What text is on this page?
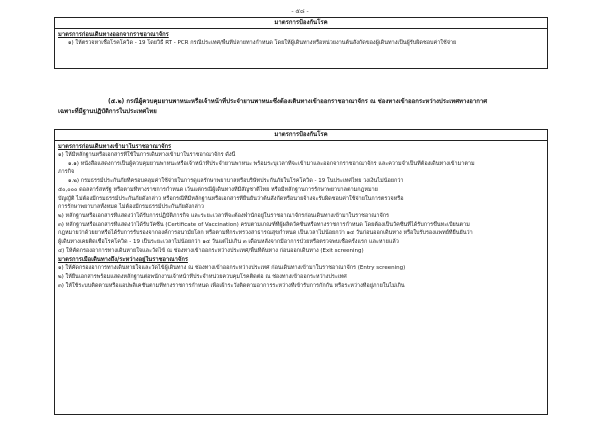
- ๕๘ -
มาตรการป้องกันโรค
มาตรการก่อนเดินทางออกจากราชอาณาจักร
๑) ให้ตรวจหาเชื้อโรคโควิด - 19 โดยวิธี RT - PCR กรณีประเทศ/พื้นที่ปลายทางกำหนด โดยให้ผู้เดินทางหรือหน่วยงานต้นสังกัดของผู้เดินทางเป็นผู้รับผิดชอบค่าใช้จ่าย
(๕.๒) กรณีผู้ควบคุมยานพาหนะหรือเจ้าหน้าที่ประจำยานพาหนะซึ่งต้องเดินทางเข้าออกราชอาณาจักร ณ ช่องทางเข้าออกระหว่างประเทศทางอากาศ
เฉพาะที่มีฐานปฏิบัติการในประเทศไทย
มาตรการป้องกันโรค
มาตรการก่อนเดินทางเข้ามาในราชอาณาจักร
๑) ให้มีหลักฐานหรือเอกสารที่ใช้ในการเดินทางเข้ามาในราชอาณาจักร ดังนี้
๑.๑) หนังสือแสดงการเป็นผู้ควบคุมยานพาหนะหรือเจ้าหน้าที่ประจำยานพาหนะ พร้อมระบุเวลาที่จะเข้ามาและออกจากราชอาณาจักร และความจำเป็นที่ต้องเดินทางเข้ามาตาม
ภารกิจ
๑.๒) กรมธรรม์ประกันภัยที่ครอบคลุมค่าใช้จ่ายในการดูแลรักษาพยาบาลหรือบริษัทประกันภัยในโรคโควิด - 19 ในประเทศไทย วงเงินไม่น้อยกว่า
๕๐,๐๐๐ ดอลลาร์สหรัฐ หรือตามที่ทางราชการกำหนด เว้นแต่กรณีผู้เดินทางที่มีสัญชาติไทย หรือมีหลักฐานการรักษาพยาบาลตามกฎหมาย
บัญญัติ ไม่ต้องมีกรมธรรม์ประกันภัยดังกล่าว หรือกรณีที่มีหลักฐานหรือเอกสารที่ยืนยันว่าต้นสังกัดหรือนายจ้างจะรับผิดชอบค่าใช้จ่ายในการตรวจหรือ
การรักษาพยาบาลทั้งหมด ไม่ต้องมีกรมธรรม์ประกันภัยดังกล่าว
๒) หลักฐานหรือเอกสารที่แสดงว่าได้รับการปฏิบัติภารกิจ และระยะเวลาที่จะต้องพำนักอยู่ในราชอาณาจักรก่อนเดินทางเข้ามาในราชอาณาจักร
๓) หลักฐานหรือเอกสารที่แสดงว่าได้รับวัคซีน (Certificate of Vaccination) ครบตามเกณฑ์ที่ผู้ผลิตวัคซีนหรือทางราชการกำหนด โดยต้องเป็นวัคซีนที่ได้รับการขึ้นทะเบียนตาม
กฎหมายว่าด้วยยาหรือได้รับการรับรองจากองค์การอนามัยโลก หรือตามที่กระทรวงสาธารณสุขกำหนด เป็นเวลาไม่น้อยกว่า ๑๔ วันก่อนออกเดินทาง หรือใบรับรองแพทย์ที่ยืนยันว่า
ผู้เดินทางเคยติดเชื้อโรคโควิด - 19 เป็นระยะเวลาไม่น้อยกว่า ๑๔ วันแต่ไม่เกิน ๓ เดือนหลังจากมีอาการป่วยหรือตรวจพบเชื้อครั้งแรก และหายแล้ว
๔) ให้คัดกรองอาการทางเดินหายใจและวัดไข้ ณ ช่องทางเข้าออกระหว่างประเทศ/พื้นที่ต้นทาง ก่อนออกเดินทาง (Exit screening)
มาตรการเมื่อเดินทางถึง/ระหว่างอยู่ในราชอาณาจักร
๑) ให้คัดกรองอาการทางเดินหายใจและวัดไข้ผู้เดินทาง ณ ช่องทางเข้าออกระหว่างประเทศ ก่อนเดินทางเข้ามาในราชอาณาจักร (Entry screening)
๒) ให้ยื่นเอกสารพร้อมแสดงหลักฐานต่อพนักงานเจ้าหน้าที่ประจำหน่วยควบคุมโรคติดต่อ ณ ช่องทางเข้าออกระหว่างประเทศ
๓) ให้ใช้ระบบติดตามหรือแอปพลิเคชันตามที่ทางราชการกำหนด เพื่อเฝ้าระวังติดตามอาการระหว่างที่เข้ารับการกักกัน หรือระหว่างที่อยู่ภายในไม่เกิน
